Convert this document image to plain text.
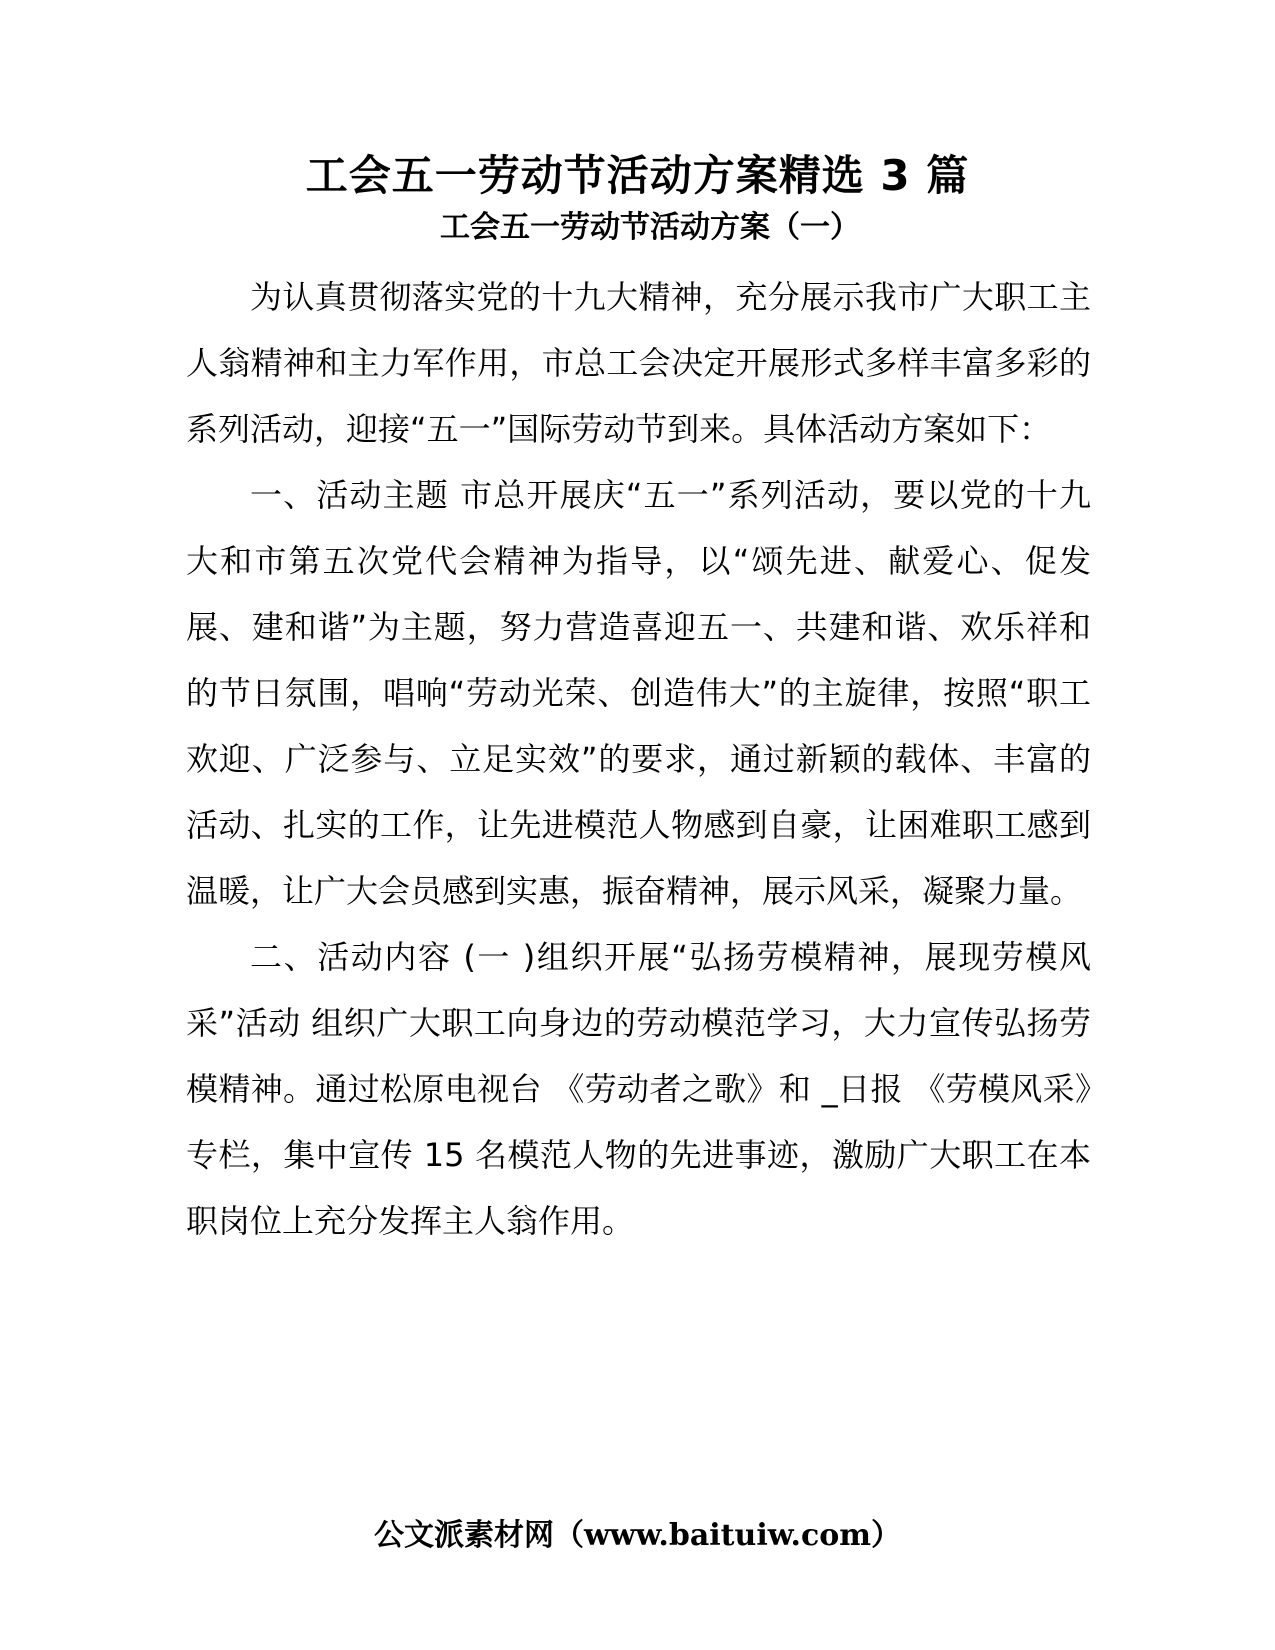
工会五一劳动节活动方案精选 3 篇
工会五一劳动节活动方案（一）

为认真贯彻落实党的十九大精神，充分展示我市广大职工主人翁精神和主力军作用，市总工会决定开展形式多样丰富多彩的系列活动，迎接“五一”国际劳动节到来。具体活动方案如下：

一、活动主题 市总开展庆“五一”系列活动，要以党的十九大和市第五次党代会精神为指导，以“颂先进、献爱心、促发展、建和谐”为主题，努力营造喜迎五一、共建和谐、欢乐祥和的节日氛围，唱响“劳动光荣、创造伟大”的主旋律，按照“职工欢迎、广泛参与、立足实效”的要求，通过新颖的载体、丰富的活动、扎实的工作，让先进模范人物感到自豪，让困难职工感到温暖，让广大会员感到实惠，振奋精神，展示风采，凝聚力量。

二、活动内容 (一 )组织开展“弘扬劳模精神，展现劳模风采”活动 组织广大职工向身边的劳动模范学习，大力宣传弘扬劳模精神。通过松原电视台 《劳动者之歌》和 _日报 《劳模风采》专栏，集中宣传 15 名模范人物的先进事迹，激励广大职工在本职岗位上充分发挥主人翁作用。

公文派素材网（www.baituiw.com）
